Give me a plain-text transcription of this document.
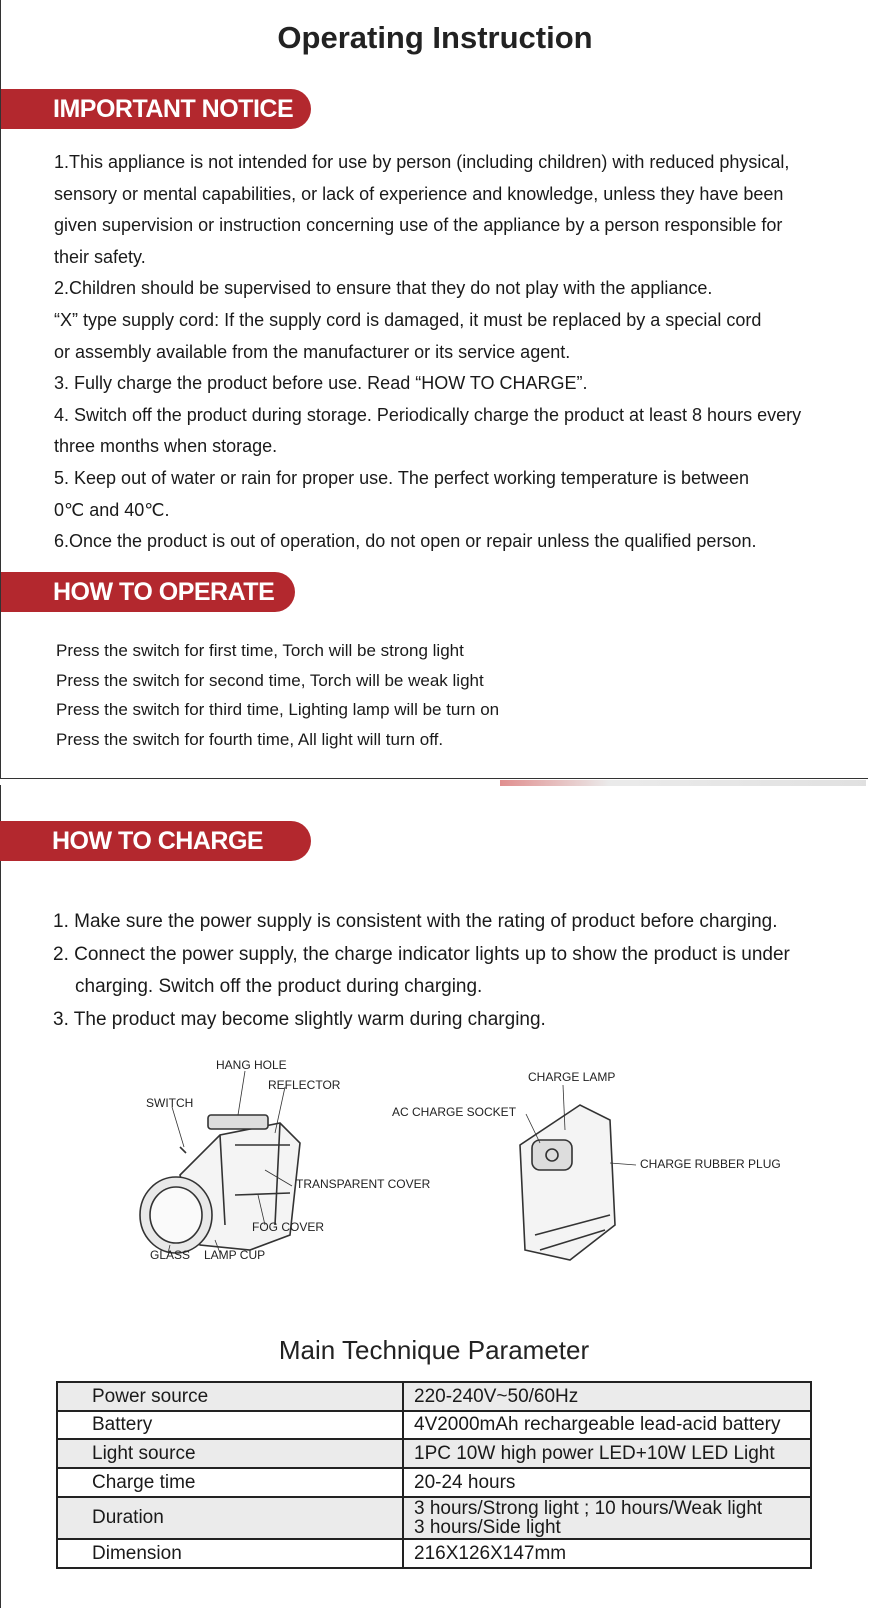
Operating Instruction
IMPORTANT NOTICE
1.This appliance is not intended for use by person (including children) with reduced physical,
sensory or mental capabilities, or lack of experience and knowledge, unless they have been
given supervision or instruction concerning use of the appliance by a person responsible for
their safety.
2.Children should be supervised to ensure that they do not play with the appliance.
“X” type supply cord: If the supply cord is damaged, it must be replaced by a special cord
or assembly available from the manufacturer or its service agent.
3. Fully charge the product before use. Read “HOW TO CHARGE”.
4. Switch off the product during storage. Periodically charge the product at least 8 hours every
three months when storage.
5. Keep out of water or rain for proper use. The perfect working temperature is between
0℃ and 40℃.
6.Once the product is out of operation, do not open or repair unless the qualified person.
HOW TO OPERATE
Press the switch for first time, Torch will be strong light
Press the switch for second time, Torch will be weak light
Press the switch for third time, Lighting lamp will be turn on
Press the switch for fourth time, All light will turn off.
HOW TO CHARGE
1. Make sure the power supply is consistent with the rating of product before charging.
2. Connect the power supply, the charge indicator lights up to show the product is under
charging. Switch off the product during charging.
3. The product may become slightly warm during charging.
HANG HOLE
REFLECTOR
SWITCH
TRANSPARENT COVER
FOG COVER
GLASS LAMP CUP
CHARGE LAMP
AC CHARGE SOCKET
CHARGE RUBBER PLUG
Main Technique Parameter
Power source	220-240V~50/60Hz
Battery	4V2000mAh rechargeable lead-acid battery
Light source	1PC 10W high power LED+10W LED Light
Charge time	20-24 hours
Duration	3 hours/Strong light ; 10 hours/Weak light
3 hours/Side light

Dimension	216X126X147mm
